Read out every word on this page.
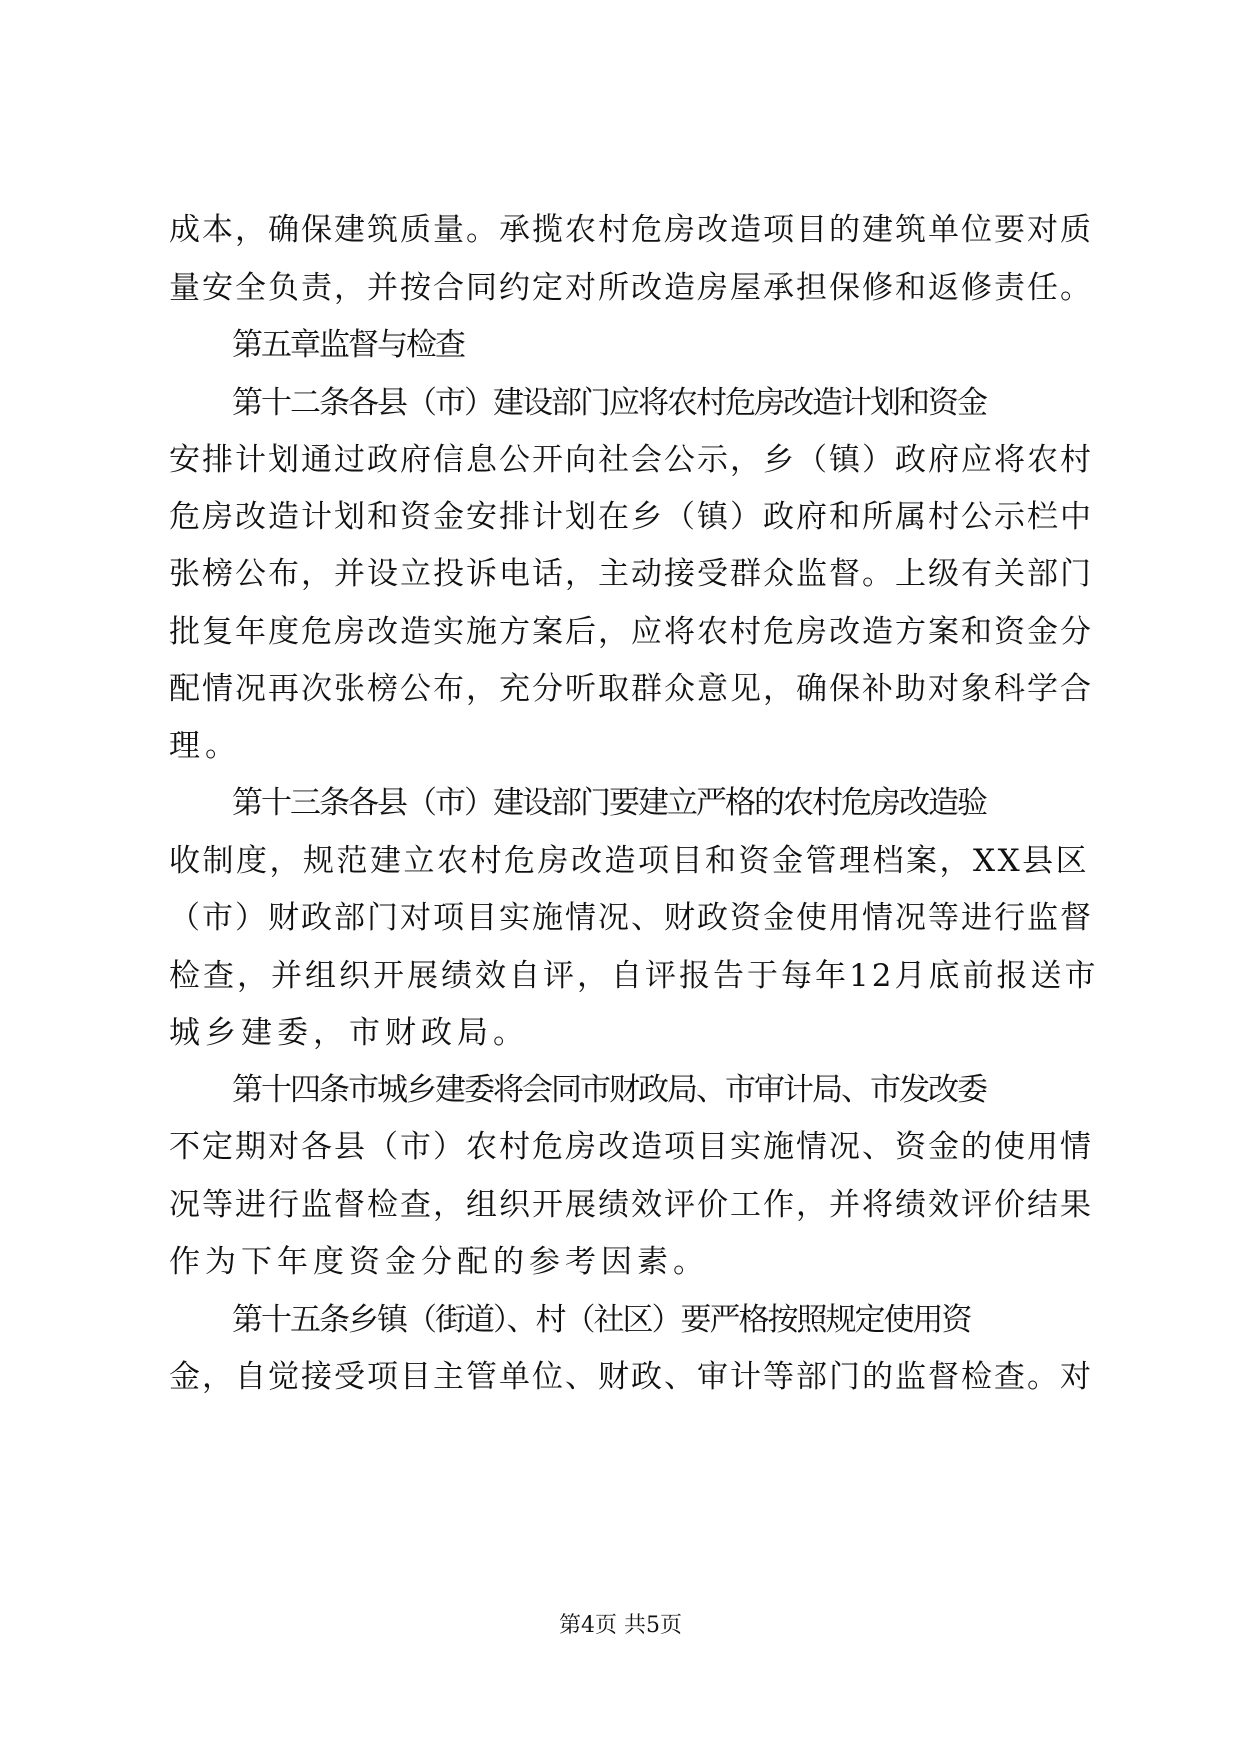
成本，确保建筑质量。承揽农村危房改造项目的建筑单位要对质
量安全负责，并按合同约定对所改造房屋承担保修和返修责任。
第五章监督与检查
第十二条各县（市）建设部门应将农村危房改造计划和资金
安排计划通过政府信息公开向社会公示，乡（镇）政府应将农村
危房改造计划和资金安排计划在乡（镇）政府和所属村公示栏中
张榜公布，并设立投诉电话，主动接受群众监督。上级有关部门
批复年度危房改造实施方案后，应将农村危房改造方案和资金分
配情况再次张榜公布，充分听取群众意见，确保补助对象科学合
理。
第十三条各县（市）建设部门要建立严格的农村危房改造验
收制度，规范建立农村危房改造项目和资金管理档案，XX县区
（市）财政部门对项目实施情况、财政资金使用情况等进行监督
检查，并组织开展绩效自评，自评报告于每年12月底前报送市
城乡建委，市财政局。
第十四条市城乡建委将会同市财政局、市审计局、市发改委
不定期对各县（市）农村危房改造项目实施情况、资金的使用情
况等进行监督检查，组织开展绩效评价工作，并将绩效评价结果
作为下年度资金分配的参考因素。
第十五条乡镇（街道）、村（社区）要严格按照规定使用资
金，自觉接受项目主管单位、财政、审计等部门的监督检查。对
第4页 共5页
